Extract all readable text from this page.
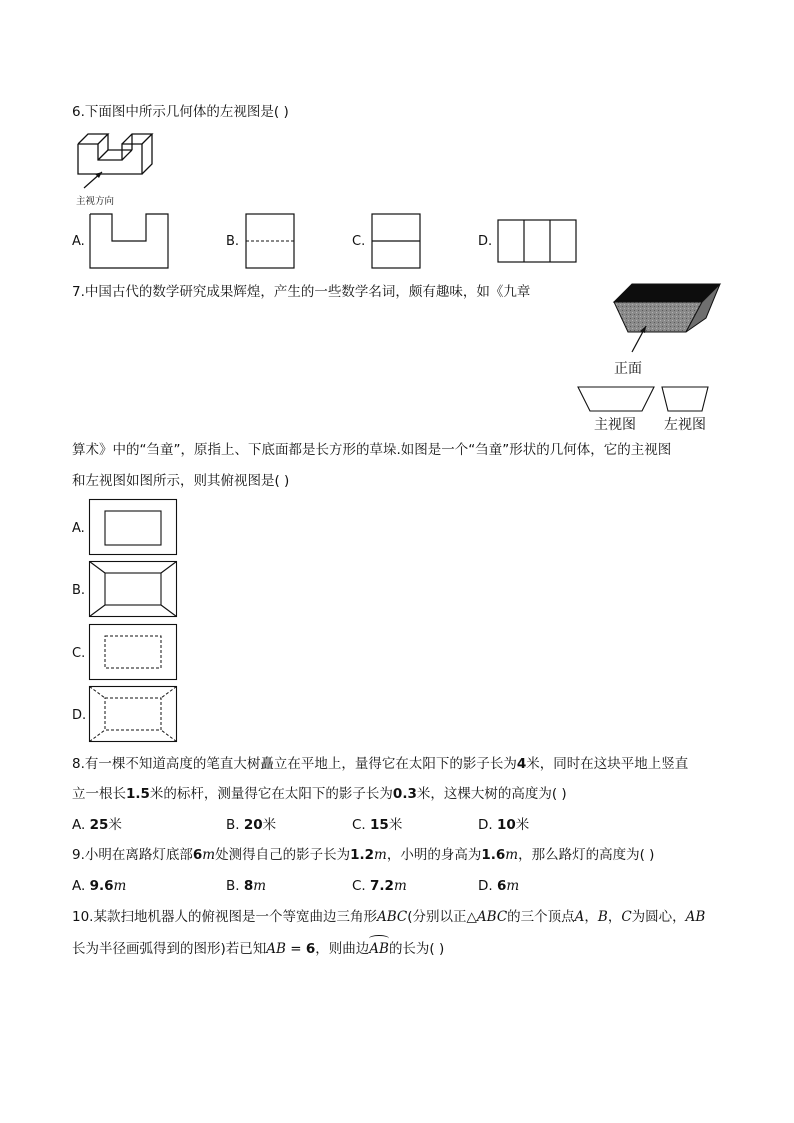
6.下面图中所示几何体的左视图是( )
主视方向
A.	B.	C.	D.
7.中国古代的数学研究成果辉煌，产生的一些数学名词，颇有趣味，如《九章
正面
主视图 左视图
算术》中的“刍童”，原指上、下底面都是长方形的草垛.如图是一个“刍童”形状的几何体，它的主视图
和左视图如图所示，则其俯视图是( )
A.
B.
C.
D.
8.有一棵不知道高度的笔直大树矗立在平地上，量得它在太阳下的影子长为4米，同时在这块平地上竖直
立一根长1.5米的标杆，测量得它在太阳下的影子长为0.3米，这棵大树的高度为( )
A. 25米	B. 20米	C. 15米	D. 10米
9.小明在离路灯底部6m处测得自己的影子长为1.2m，小明的身高为1.6m，那么路灯的高度为( )
A. 9.6m	B. 8m	C. 7.2m	D. 6m
10.某款扫地机器人的俯视图是一个等宽曲边三角形ABC(分别以正△ABC的三个顶点A，B，C为圆心，AB
长为半径画弧得到的图形)若已知AB = 6，则曲边
AB的长为( )
